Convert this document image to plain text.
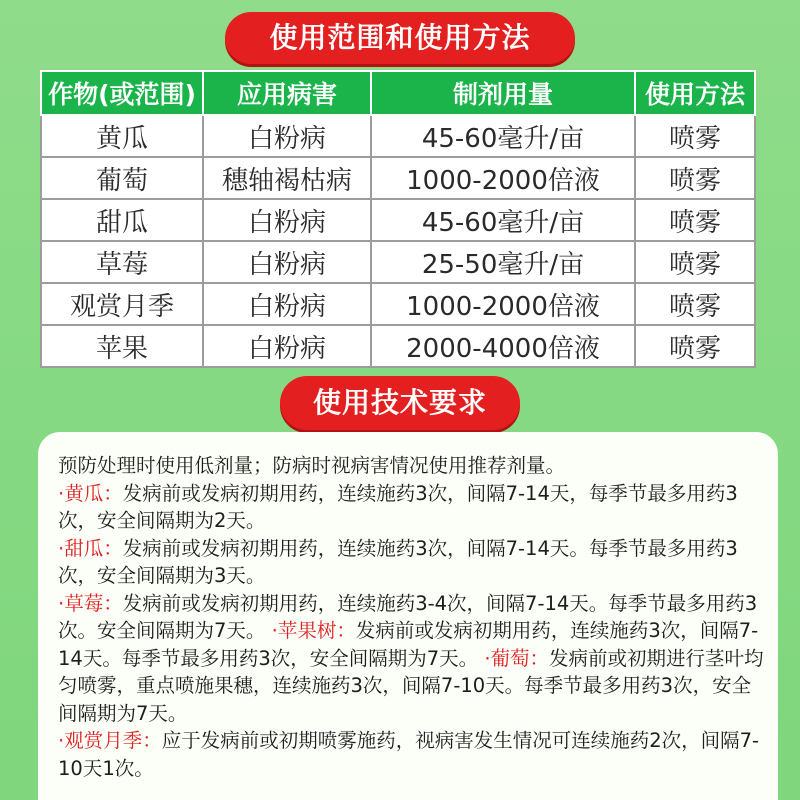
使用范围和使用方法
作物(或范围)	应用病害	制剂用量	使用方法
黄瓜	白粉病	45-60毫升/亩	喷雾
葡萄	穗轴褐枯病	1000-2000倍液	喷雾
甜瓜	白粉病	45-60毫升/亩	喷雾
草莓	白粉病	25-50毫升/亩	喷雾
观赏月季	白粉病	1000-2000倍液	喷雾
苹果	白粉病	2000-4000倍液	喷雾
使用技术要求
预防处理时使用低剂量；防病时视病害情况使用推荐剂量。
·黄瓜：发病前或发病初期用药，连续施药3次，间隔7-14天，每季节最多用药3次，安全间隔期为2天。
·甜瓜：发病前或发病初期用药，连续施药3次，间隔7-14天。每季节最多用药3次，安全间隔期为3天。
·草莓：发病前或发病初期用药，连续施药3-4次，间隔7-14天。每季节最多用药3次。安全间隔期为7天。 ·苹果树：发病前或发病初期用药，连续施药3次，间隔7-14天。每季节最多用药3次，安全间隔期为7天。 ·葡萄：发病前或初期进行茎叶均匀喷雾，重点喷施果穗，连续施药3次，间隔7-10天。每季节最多用药3次，安全间隔期为7天。
·观赏月季：应于发病前或初期喷雾施药，视病害发生情况可连续施药2次，间隔7-10天1次。
